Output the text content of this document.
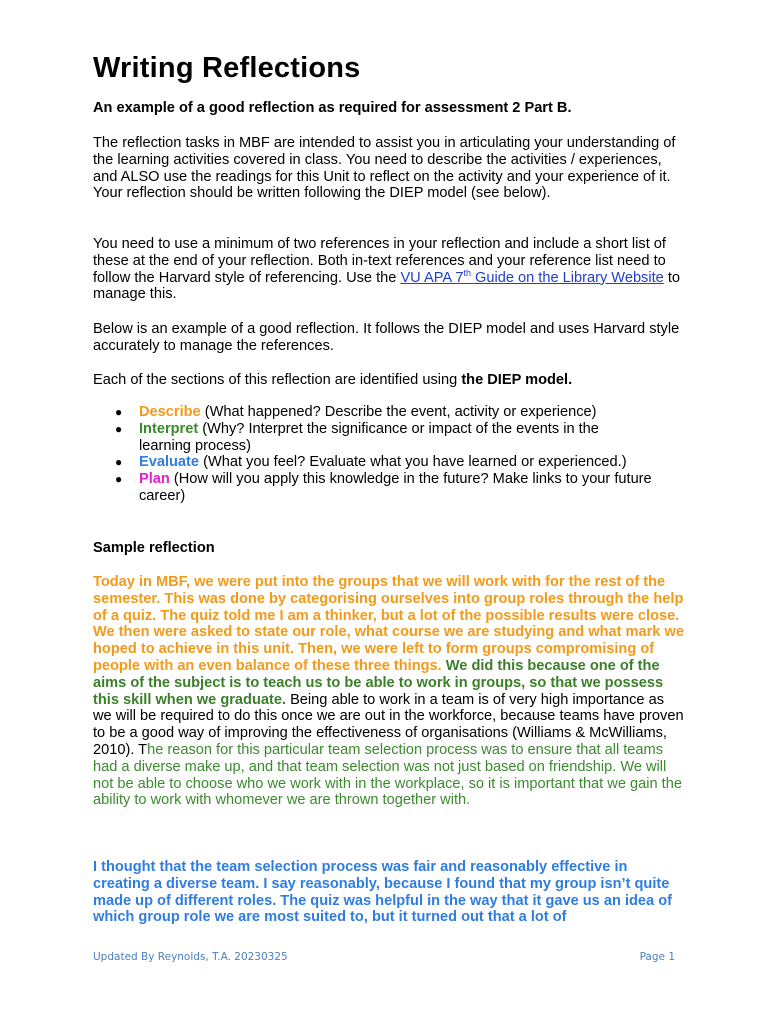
Writing Reflections

An example of a good reflection as required for assessment 2 Part B.

The reflection tasks in MBF are intended to assist you in articulating your understanding of the learning activities covered in class. You need to describe the activities / experiences, and ALSO use the readings for this Unit to reflect on the activity and your experience of it. Your reflection should be written following the DIEP model (see below).

You need to use a minimum of two references in your reflection and include a short list of these at the end of your reflection. Both in-text references and your reference list need to follow the Harvard style of referencing. Use the VU APA 7th Guide on the Library Website to manage this.

Below is an example of a good reflection. It follows the DIEP model and uses Harvard style accurately to manage the references.

Each of the sections of this reflection are identified using the DIEP model.

● Describe (What happened? Describe the event, activity or experience)
● Interpret (Why? Interpret the significance or impact of the events in the learning process)
● Evaluate (What you feel? Evaluate what you have learned or experienced.)
● Plan (How will you apply this knowledge in the future? Make links to your future career)

Sample reflection

Today in MBF, we were put into the groups that we will work with for the rest of the semester. This was done by categorising ourselves into group roles through the help of a quiz. The quiz told me I am a thinker, but a lot of the possible results were close. We then were asked to state our role, what course we are studying and what mark we hoped to achieve in this unit. Then, we were left to form groups compromising of people with an even balance of these three things. We did this because one of the aims of the subject is to teach us to be able to work in groups, so that we possess this skill when we graduate. Being able to work in a team is of very high importance as we will be required to do this once we are out in the workforce, because teams have proven to be a good way of improving the effectiveness of organisations (Williams & McWilliams, 2010). The reason for this particular team selection process was to ensure that all teams had a diverse make up, and that team selection was not just based on friendship. We will not be able to choose who we work with in the workplace, so it is important that we gain the ability to work with whomever we are thrown together with.

I thought that the team selection process was fair and reasonably effective in creating a diverse team. I say reasonably, because I found that my group isn’t quite made up of different roles. The quiz was helpful in the way that it gave us an idea of which group role we are most suited to, but it turned out that a lot of

Updated By Reynolds, T.A. 20230325	Page 1
